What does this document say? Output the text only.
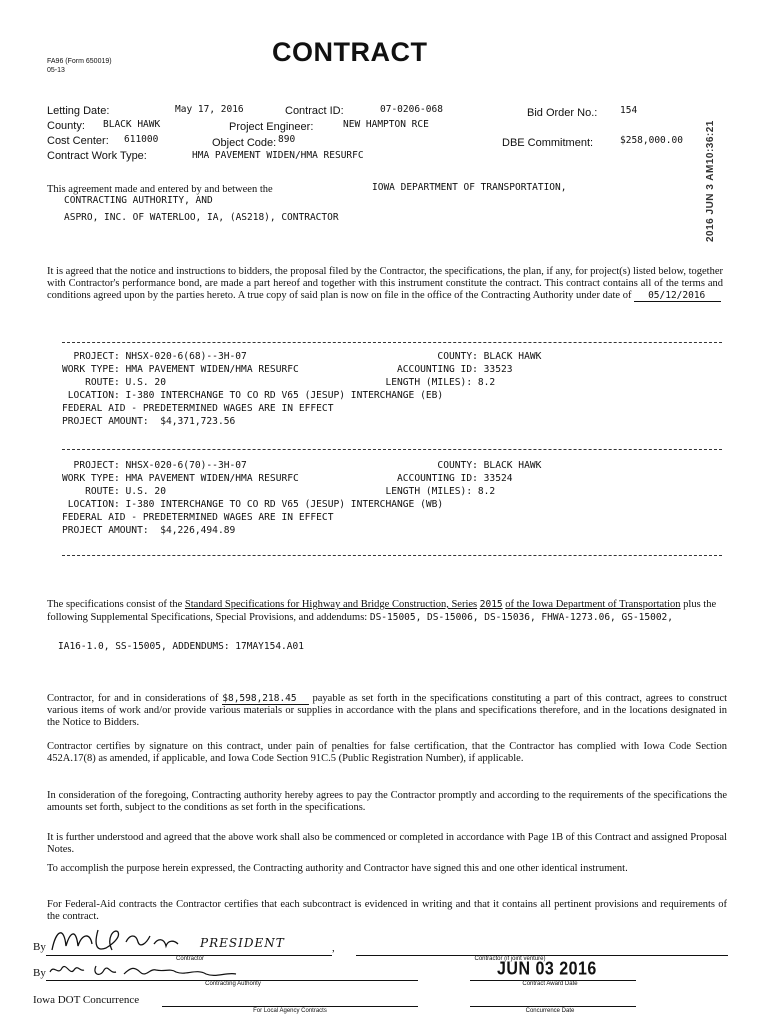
FA96 (Form 650019)
05-13
CONTRACT
Letting Date:	May 17, 2016	Contract ID:	07-0206-068	Bid Order No.: 154
County: BLACK HAWK	Project Engineer:	NEW HAMPTON RCE
Cost Center: 611000	Object Code: 890	DBE Commitment:	$258,000.00
Contract Work Type:	HMA PAVEMENT WIDEN/HMA RESURFC	2016 JUN 3 AM10:36:21
This agreement made and entered by and between the	IOWA DEPARTMENT OF TRANSPORTATION,
CONTRACTING AUTHORITY, AND
ASPRO, INC. OF WATERLOO, IA, (AS218), CONTRACTOR
It is agreed that the notice and instructions to bidders, the proposal filed by the Contractor, the specifications, the plan, if any, for project(s) listed below, together with Contractor's performance bond, are made a part hereof and together with this instrument constitute the contract. This contract contains all of the terms and conditions agreed upon by the parties hereto. A true copy of said plan is now on file in the office of the Contracting Authority under date of 05/12/2016
PROJECT: NHSX-020-6(68)--3H-07                                 COUNTY: BLACK HAWK
WORK TYPE: HMA PAVEMENT WIDEN/HMA RESURFC                 ACCOUNTING ID: 33523
ROUTE: U.S. 20                                      LENGTH (MILES): 8.2
LOCATION: I-380 INTERCHANGE TO CO RD V65 (JESUP) INTERCHANGE (EB)
FEDERAL AID - PREDETERMINED WAGES ARE IN EFFECT
PROJECT AMOUNT:  $4,371,723.56
PROJECT: NHSX-020-6(70)--3H-07                                 COUNTY: BLACK HAWK
WORK TYPE: HMA PAVEMENT WIDEN/HMA RESURFC                 ACCOUNTING ID: 33524
ROUTE: U.S. 20                                      LENGTH (MILES): 8.2
LOCATION: I-380 INTERCHANGE TO CO RD V65 (JESUP) INTERCHANGE (WB)
FEDERAL AID - PREDETERMINED WAGES ARE IN EFFECT
PROJECT AMOUNT:  $4,226,494.89
The specifications consist of the Standard Specifications for Highway and Bridge Construction, Series 2015 of the Iowa Department of Transportation plus the following Supplemental Specifications, Special Provisions, and addendums: DS-15005, DS-15006, DS-15036, FHWA-1273.06, GS-15002,
IA16-1.0, SS-15005, ADDENDUMS: 17MAY154.A01
Contractor, for and in considerations of $8,598,218.45 payable as set forth in the specifications constituting a part of this contract, agrees to construct various items of work and/or provide various materials or supplies in accordance with the plans and specifications therefore, and in the locations designated in the Notice to Bidders.
Contractor certifies by signature on this contract, under pain of penalties for false certification, that the Contractor has complied with Iowa Code Section 452A.17(8) as amended, if applicable, and Iowa Code Section 91C.5 (Public Registration Number), if applicable.
In consideration of the foregoing, Contracting authority hereby agrees to pay the Contractor promptly and according to the requirements of the specifications the amounts set forth, subject to the conditions as set forth in the specifications.
It is further understood and agreed that the above work shall also be commenced or completed in accordance with Page 1B of this Contract and assigned Proposal Notes.
To accomplish the purpose herein expressed, the Contracting authority and Contractor have signed this and one other identical instrument.
For Federal-Aid contracts the Contractor certifies that each subcontract is evidenced in writing and that it contains all pertinent provisions and requirements of the contract.
By	PRESIDENT	,
Contractor	Contractor (if joint venture)
By
Contracting Authority
JUN 03 2016
Contract Award Date
Iowa DOT Concurrence
For Local Agency Contracts	Concurrence Date
